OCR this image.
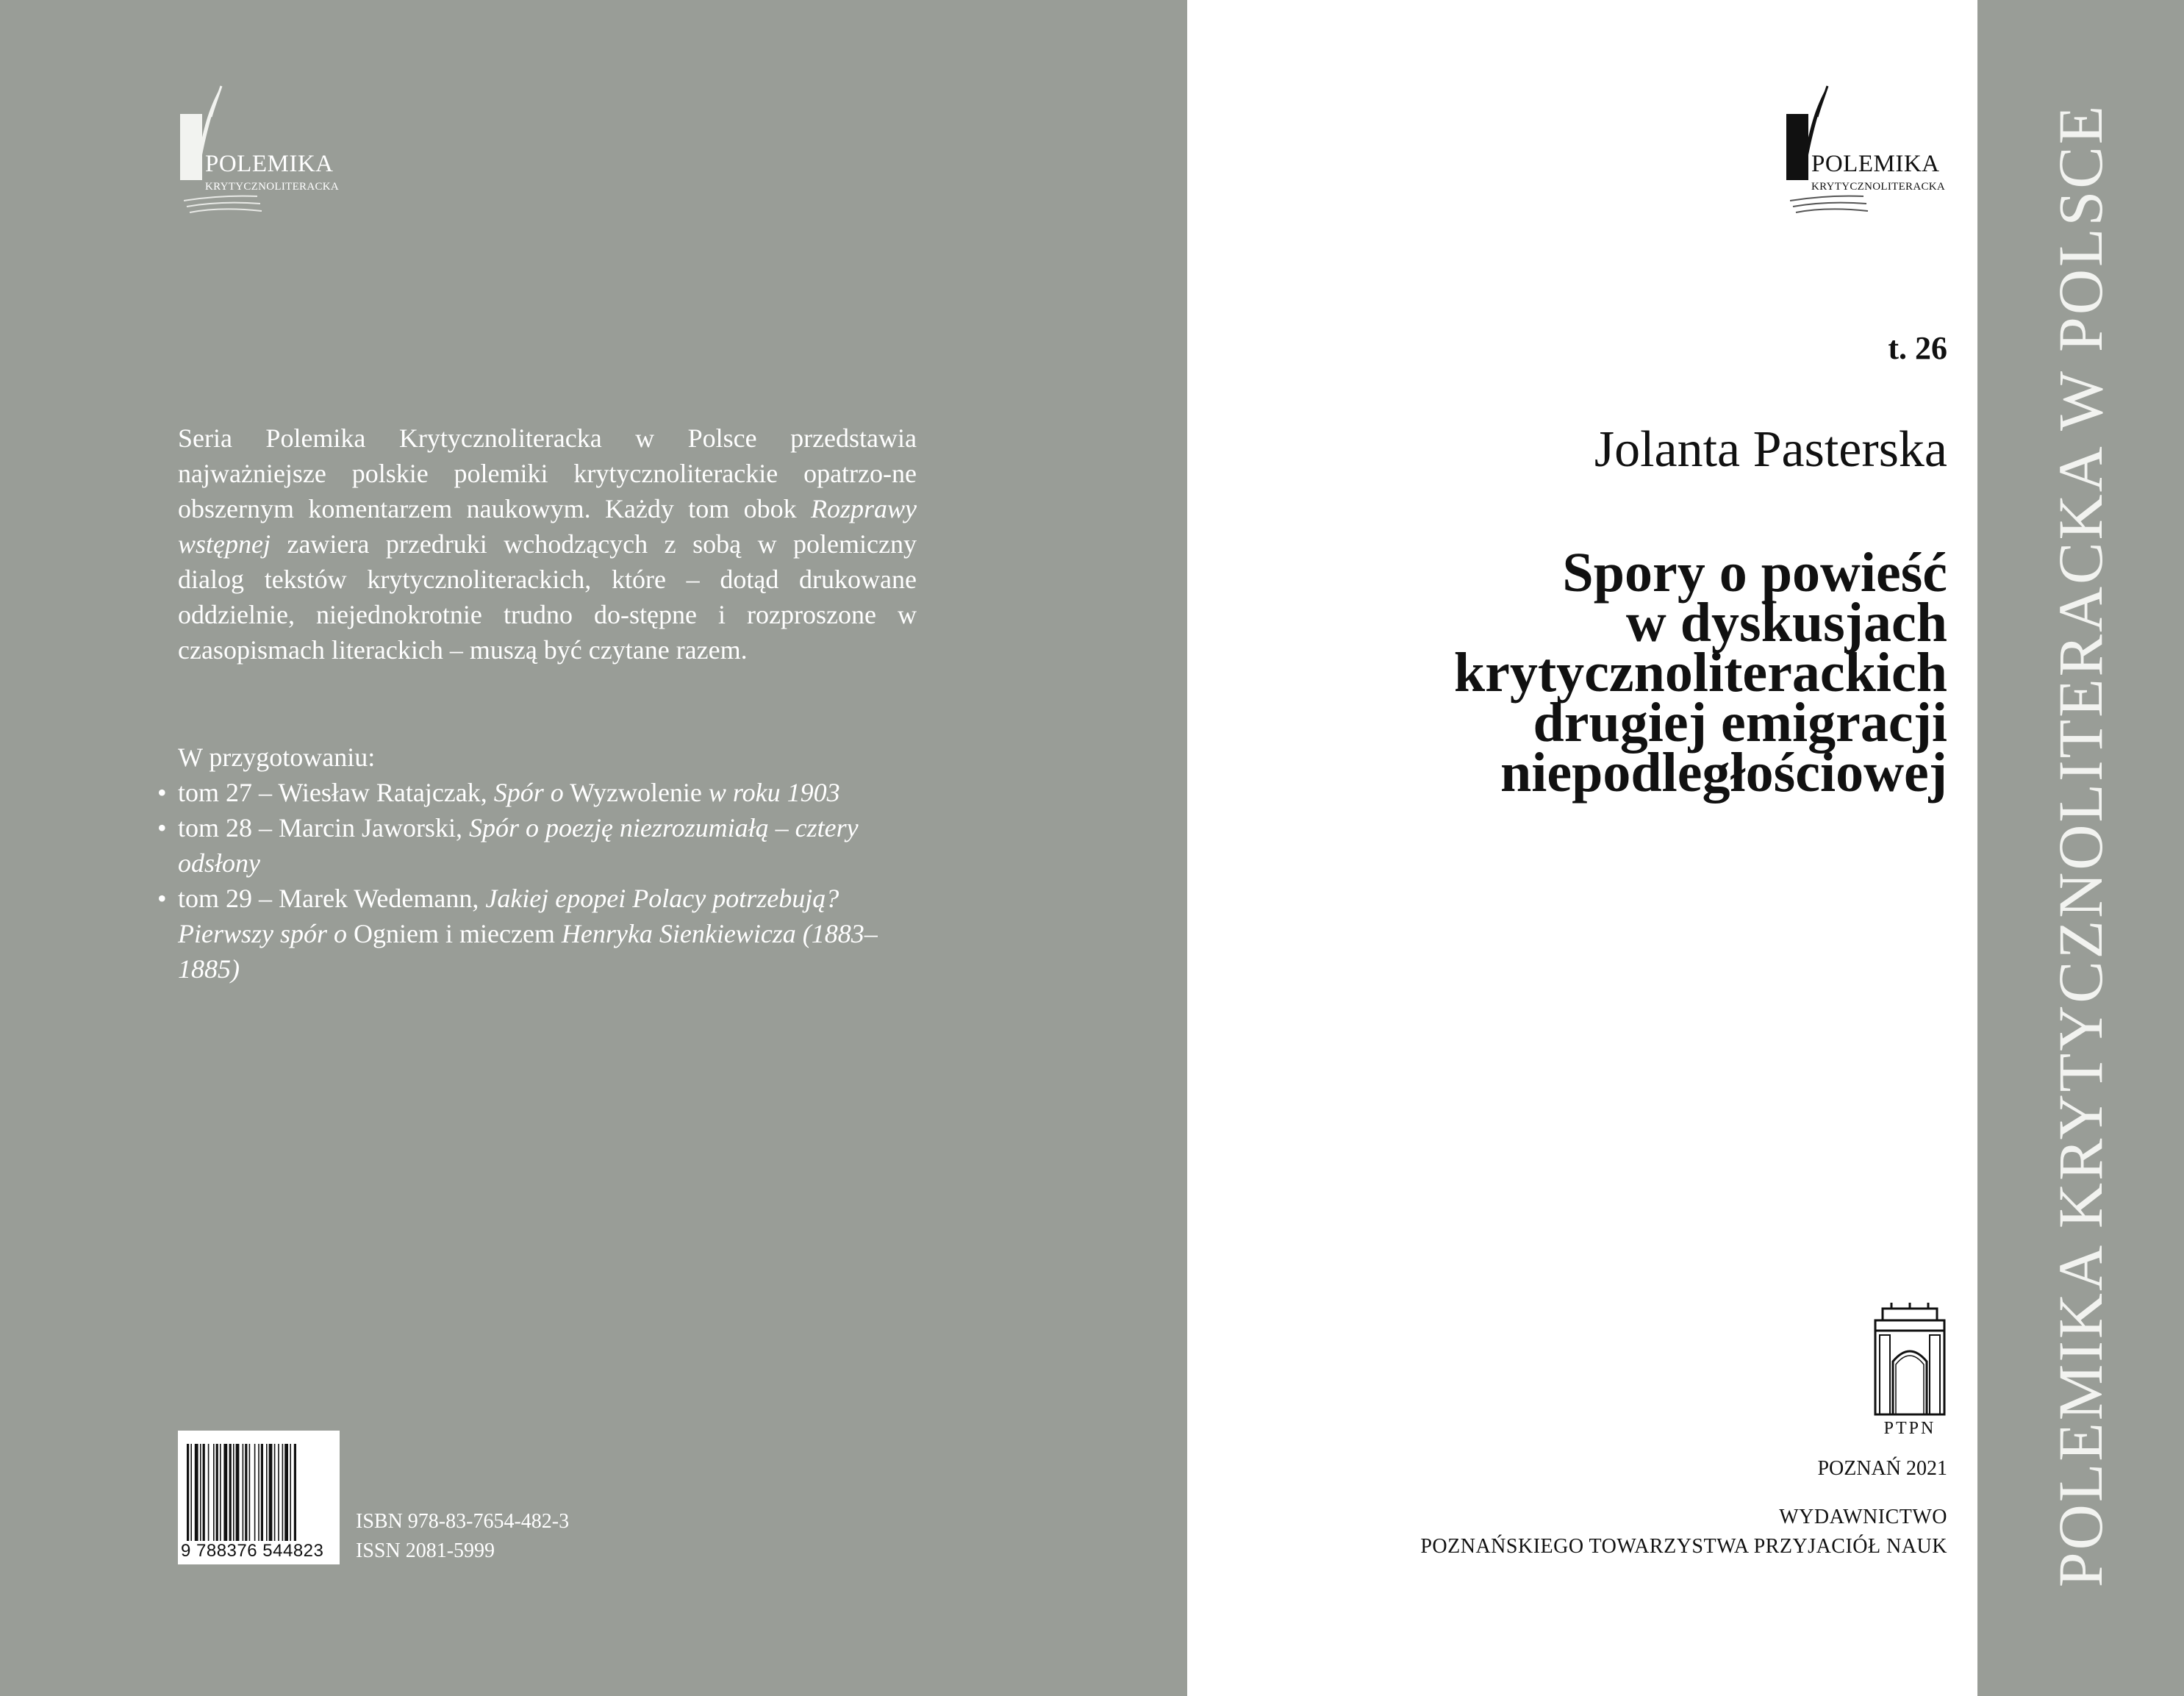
POLEMIKA
KRYTYCZNOLITERACKA

Seria Polemika Krytycznoliteracka w Polsce przedstawia najważniejsze polskie polemiki krytycznoliterackie opatrzo-ne obszernym komentarzem naukowym. Każdy tom obok Rozprawy wstępnej zawiera przedruki wchodzących z sobą w polemiczny dialog tekstów krytycznoliterackich, które – dotąd drukowane oddzielnie, niejednokrotnie trudno do-stępne i rozproszone w czasopismach literackich – muszą być czytane razem.

W przygotowaniu:

• tom 27 – Wiesław Ratajczak, Spór o Wyzwolenie w roku 1903
• tom 28 – Marcin Jaworski, Spór o poezję niezrozumiałą – cztery odsłony
• tom 29 – Marek Wedemann, Jakiej epopei Polacy potrzebują? Pierwszy spór o Ogniem i mieczem Henryka Sienkiewicza (1883–1885)
9 788376 544823
ISBN 978-83-7654-482-3
ISSN 2081-5999
POLEMIKA
KRYTYCZNOLITERACKA
t. 26
Jolanta Pasterska
Spory o powieść
w dyskusjach
krytycznoliterackich
drugiej emigracji
niepodległościowej
PTPN
POZNAŃ 2021
WYDAWNICTWO
POZNAŃSKIEGO TOWARZYSTWA PRZYJACIÓŁ NAUK POLEMIKA KRYTYCZNOLITERACKA W POLSCE
